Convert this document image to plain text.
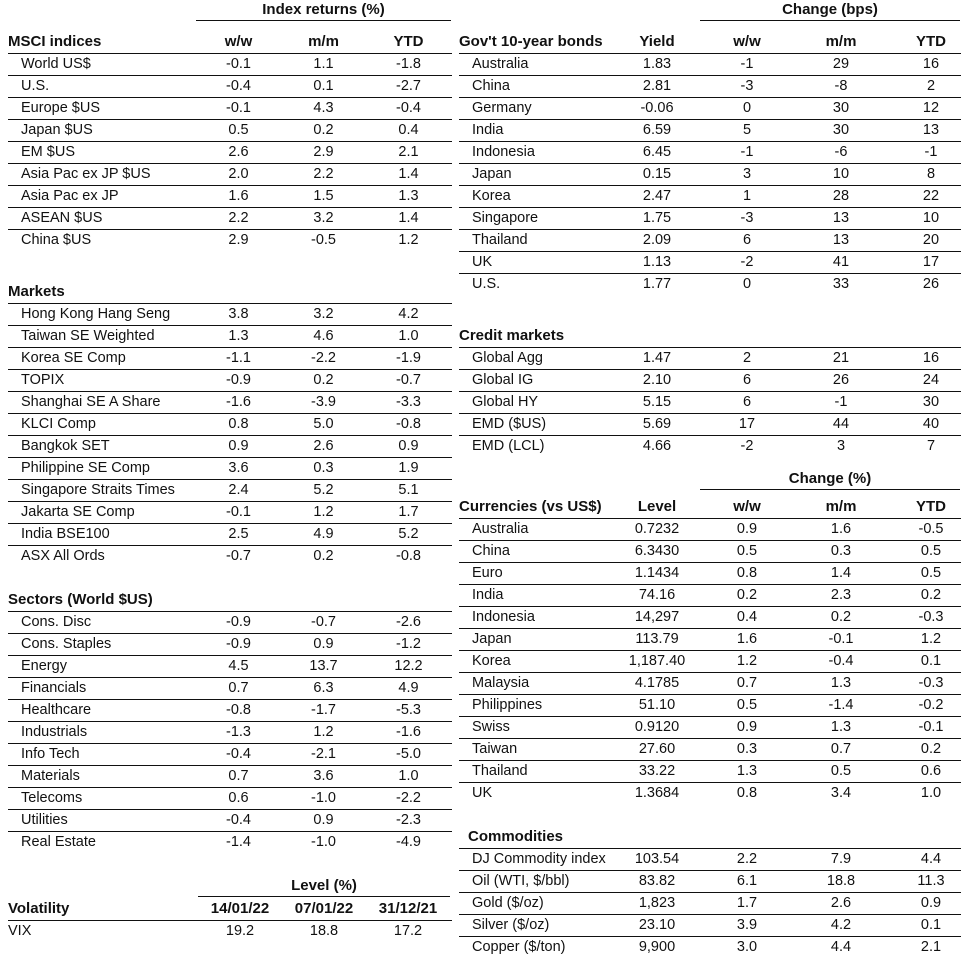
Index returns (%)
MSCI indices	w/w	m/m	YTD
World US$	-0.1	1.1	-1.8
U.S.	-0.4	0.1	-2.7
Europe $US	-0.1	4.3	-0.4
Japan $US	0.5	0.2	0.4
EM $US	2.6	2.9	2.1
Asia Pac ex JP $US	2.0	2.2	1.4
Asia Pac ex JP	1.6	1.5	1.3
ASEAN $US	2.2	3.2	1.4
China $US	2.9	-0.5	1.2
Markets
Hong Kong Hang Seng	3.8	3.2	4.2
Taiwan SE Weighted	1.3	4.6	1.0
Korea SE Comp	-1.1	-2.2	-1.9
TOPIX	-0.9	0.2	-0.7
Shanghai SE A Share	-1.6	-3.9	-3.3
KLCI Comp	0.8	5.0	-0.8
Bangkok SET	0.9	2.6	0.9
Philippine SE Comp	3.6	0.3	1.9
Singapore Straits Times	2.4	5.2	5.1
Jakarta SE Comp	-0.1	1.2	1.7
India BSE100	2.5	4.9	5.2
ASX All Ords	-0.7	0.2	-0.8
Sectors (World $US)
Cons. Disc	-0.9	-0.7	-2.6
Cons. Staples	-0.9	0.9	-1.2
Energy	4.5	13.7	12.2
Financials	0.7	6.3	4.9
Healthcare	-0.8	-1.7	-5.3
Industrials	-1.3	1.2	-1.6
Info Tech	-0.4	-2.1	-5.0
Materials	0.7	3.6	1.0
Telecoms	0.6	-1.0	-2.2
Utilities	-0.4	0.9	-2.3
Real Estate	-1.4	-1.0	-4.9
Level (%)
Volatility	14/01/22	07/01/22	31/12/21
VIX	19.2	18.8	17.2
Change (bps)
Gov't 10-year bonds	Yield	w/w	m/m	YTD
Australia	1.83	-1	29	16
China	2.81	-3	-8	2
Germany	-0.06	0	30	12
India	6.59	5	30	13
Indonesia	6.45	-1	-6	-1
Japan	0.15	3	10	8
Korea	2.47	1	28	22
Singapore	1.75	-3	13	10
Thailand	2.09	6	13	20
UK	1.13	-2	41	17
U.S.	1.77	0	33	26
Credit markets
Global Agg	1.47	2	21	16
Global IG	2.10	6	26	24
Global HY	5.15	6	-1	30
EMD ($US)	5.69	17	44	40
EMD (LCL)	4.66	-2	3	7
Change (%)
Currencies (vs US$)	Level	w/w	m/m	YTD
Australia	0.7232	0.9	1.6	-0.5
China	6.3430	0.5	0.3	0.5
Euro	1.1434	0.8	1.4	0.5
India	74.16	0.2	2.3	0.2
Indonesia	14,297	0.4	0.2	-0.3
Japan	113.79	1.6	-0.1	1.2
Korea	1,187.40	1.2	-0.4	0.1
Malaysia	4.1785	0.7	1.3	-0.3
Philippines	51.10	0.5	-1.4	-0.2
Swiss	0.9120	0.9	1.3	-0.1
Taiwan	27.60	0.3	0.7	0.2
Thailand	33.22	1.3	0.5	0.6
UK	1.3684	0.8	3.4	1.0
Commodities
DJ Commodity index	103.54	2.2	7.9	4.4
Oil (WTI, $/bbl)	83.82	6.1	18.8	11.3
Gold ($/oz)	1,823	1.7	2.6	0.9
Silver ($/oz)	23.10	3.9	4.2	0.1
Copper ($/ton)	9,900	3.0	4.4	2.1
